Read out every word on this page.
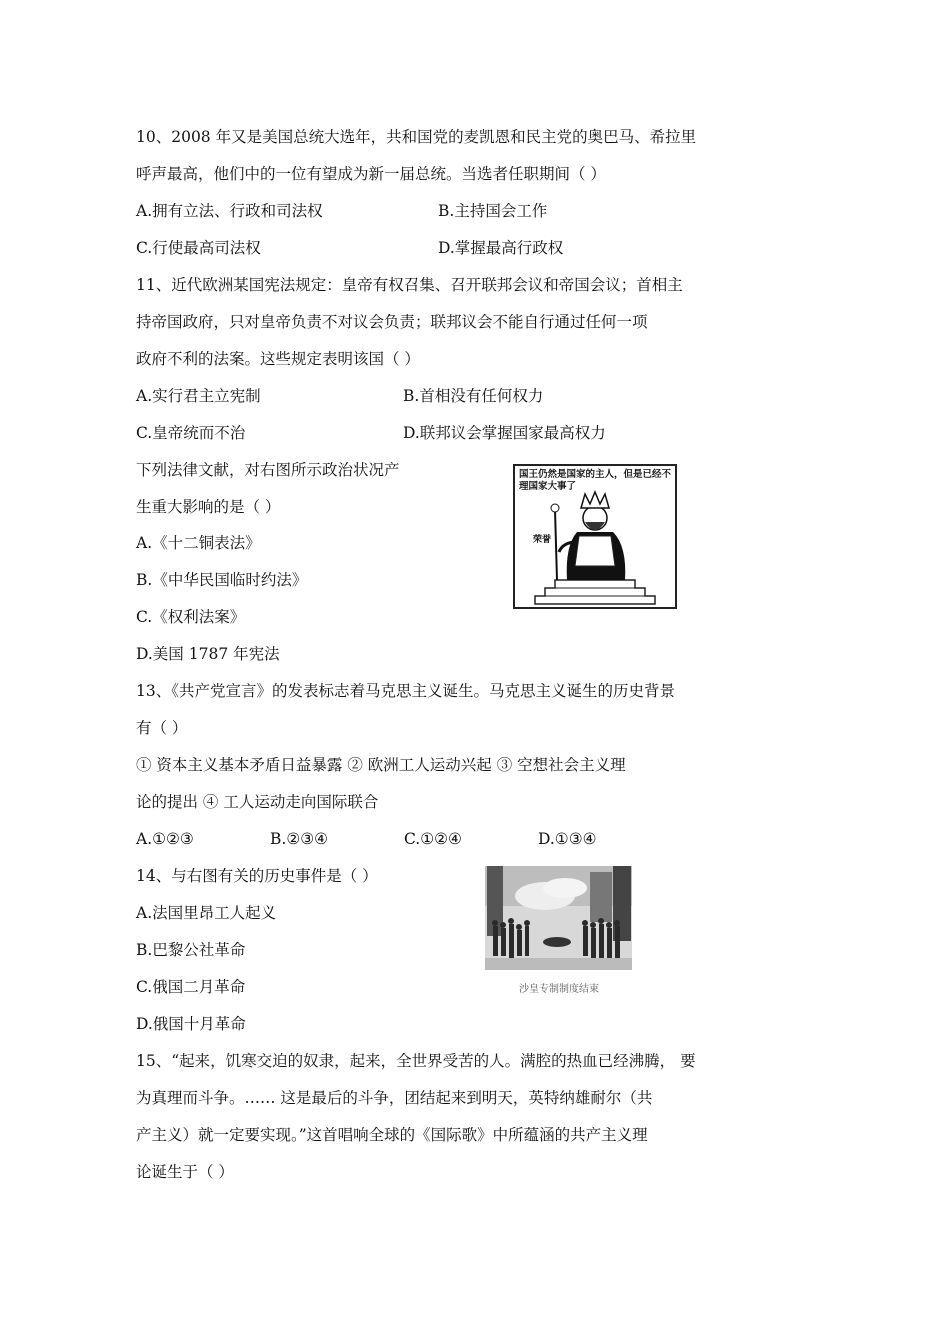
10、2008 年又是美国总统大选年，共和国党的麦凯恩和民主党的奥巴马、希拉里
呼声最高，他们中的一位有望成为新一届总统。当选者任职期间（ ）
A.拥有立法、行政和司法权	B.主持国会工作
C.行使最高司法权	D.掌握最高行政权
11、近代欧洲某国宪法规定：皇帝有权召集、召开联邦会议和帝国会议；首相主
持帝国政府，只对皇帝负责不对议会负责；联邦议会不能自行通过任何一项
政府不利的法案。这些规定表明该国（ ）
A.实行君主立宪制	B.首相没有任何权力
C.皇帝统而不治	D.联邦议会掌握国家最高权力
下列法律文献，对右图所示政治状况产
生重大影响的是（ ）
A.《十二铜表法》
B.《中华民国临时约法》
C.《权利法案》
D.美国 1787 年宪法
国王仍然是国家的主人，但是已经不理国家大事了
荣誉
13、《共产党宣言》的发表标志着马克思主义诞生。马克思主义诞生的历史背景
有（ ）
① 资本主义基本矛盾日益暴露 ② 欧洲工人运动兴起 ③ 空想社会主义理
论的提出 ④ 工人运动走向国际联合
A.①②③	B.②③④	C.①②④	D.①③④
14、与右图有关的历史事件是（ ）
A.法国里昂工人起义
B.巴黎公社革命
C.俄国二月革命
D.俄国十月革命
沙皇专制制度结束
15、“起来，饥寒交迫的奴隶，起来，全世界受苦的人。满腔的热血已经沸腾， 要
为真理而斗争。…… 这是最后的斗争，团结起来到明天，英特纳雄耐尔（共
产主义）就一定要实现。”这首唱响全球的《国际歌》中所蕴涵的共产主义理
论诞生于（ ）
